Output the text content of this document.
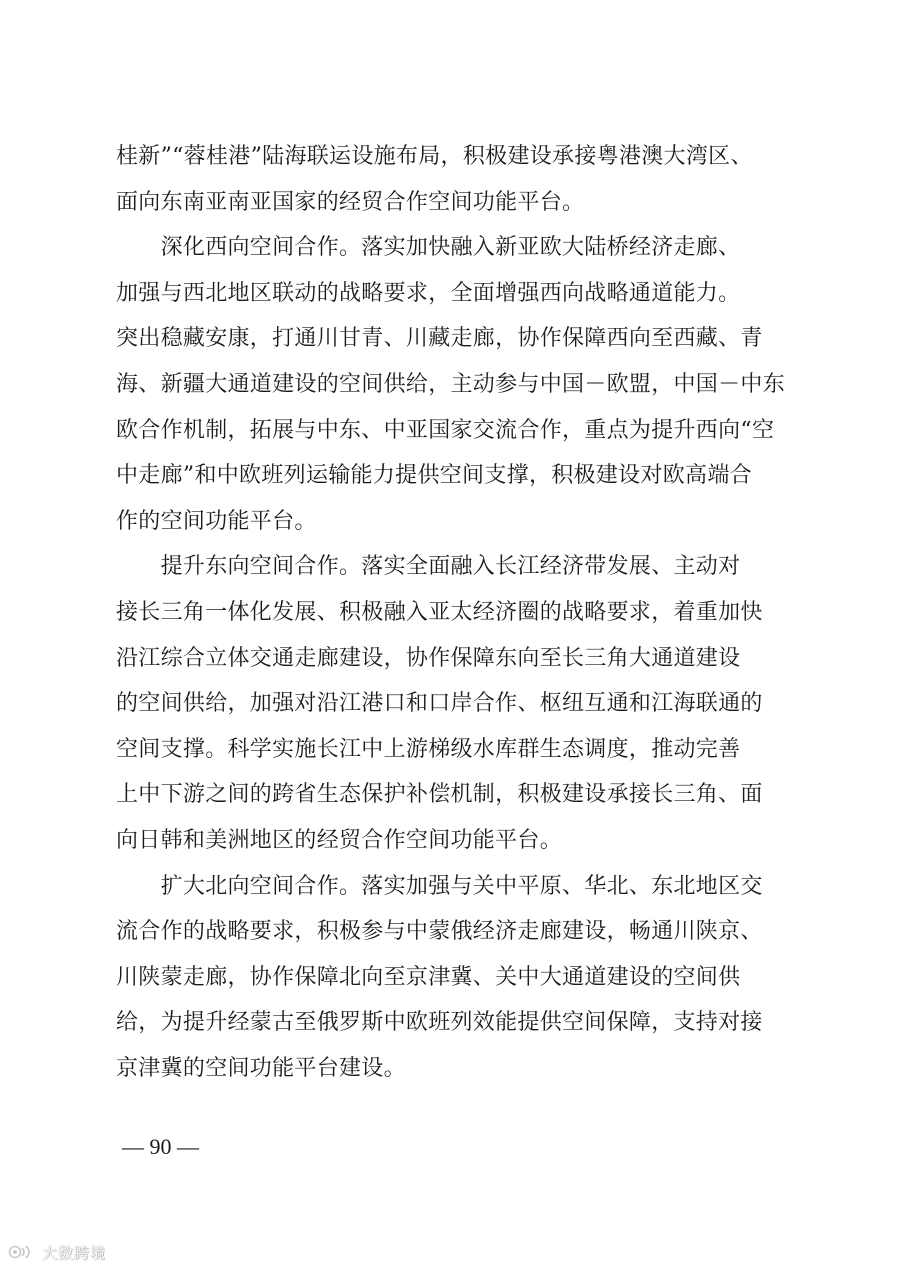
桂新”“蓉桂港”陆海联运设施布局，积极建设承接粤港澳大湾区、
面向东南亚南亚国家的经贸合作空间功能平台。
　　深化西向空间合作。落实加快融入新亚欧大陆桥经济走廊、
加强与西北地区联动的战略要求，全面增强西向战略通道能力。
突出稳藏安康，打通川甘青、川藏走廊，协作保障西向至西藏、青
海、新疆大通道建设的空间供给，主动参与中国－欧盟，中国－中东
欧合作机制，拓展与中东、中亚国家交流合作，重点为提升西向“空
中走廊”和中欧班列运输能力提供空间支撑，积极建设对欧高端合
作的空间功能平台。
　　提升东向空间合作。落实全面融入长江经济带发展、主动对
接长三角一体化发展、积极融入亚太经济圈的战略要求，着重加快
沿江综合立体交通走廊建设，协作保障东向至长三角大通道建设
的空间供给，加强对沿江港口和口岸合作、枢纽互通和江海联通的
空间支撑。科学实施长江中上游梯级水库群生态调度，推动完善
上中下游之间的跨省生态保护补偿机制，积极建设承接长三角、面
向日韩和美洲地区的经贸合作空间功能平台。
　　扩大北向空间合作。落实加强与关中平原、华北、东北地区交
流合作的战略要求，积极参与中蒙俄经济走廊建设，畅通川陕京、
川陕蒙走廊，协作保障北向至京津冀、关中大通道建设的空间供
给，为提升经蒙古至俄罗斯中欧班列效能提供空间保障，支持对接
京津冀的空间功能平台建设。
— 90 —
大数跨境
